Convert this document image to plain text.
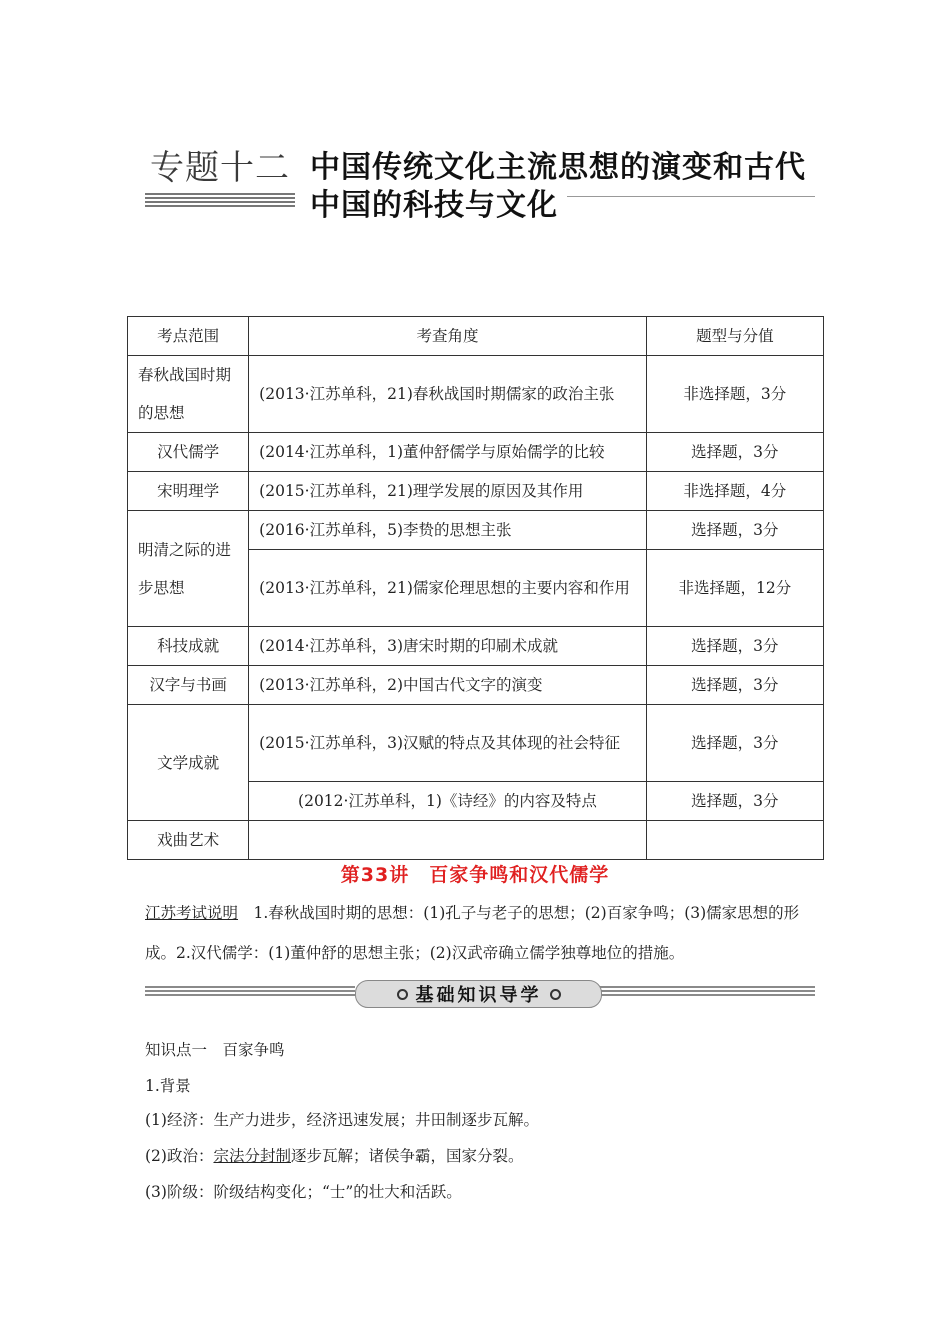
专题十二 中国传统文化主流思想的演变和古代
中国的科技与文化
考点范围	考查角度	题型与分值
春秋战国时期的思想	(2013·江苏单科，21)春秋战国时期儒家的政治主张	非选择题，3分
汉代儒学	(2014·江苏单科，1)董仲舒儒学与原始儒学的比较	选择题，3分
宋明理学	(2015·江苏单科，21)理学发展的原因及其作用	非选择题，4分
明清之际的进步思想	(2016·江苏单科，5)李贽的思想主张	选择题，3分
	(2013·江苏单科，21)儒家伦理思想的主要内容和作用	非选择题，12分
科技成就	(2014·江苏单科，3)唐宋时期的印刷术成就	选择题，3分
汉字与书画	(2013·江苏单科，2)中国古代文字的演变	选择题，3分
文学成就	(2015·江苏单科，3)汉赋的特点及其体现的社会特征	选择题，3分
	(2012·江苏单科，1)《诗经》的内容及特点	选择题，3分
戏曲艺术		
第33讲　百家争鸣和汉代儒学
江苏考试说明　1.春秋战国时期的思想：(1)孔子与老子的思想；(2)百家争鸣；(3)儒家思想的形成。2.汉代儒学：(1)董仲舒的思想主张；(2)汉武帝确立儒学独尊地位的措施。
基础知识导学
知识点一　百家争鸣
1.背景
(1)经济：生产力进步，经济迅速发展；井田制逐步瓦解。
(2)政治：宗法分封制逐步瓦解；诸侯争霸，国家分裂。
(3)阶级：阶级结构变化；“士”的壮大和活跃。
